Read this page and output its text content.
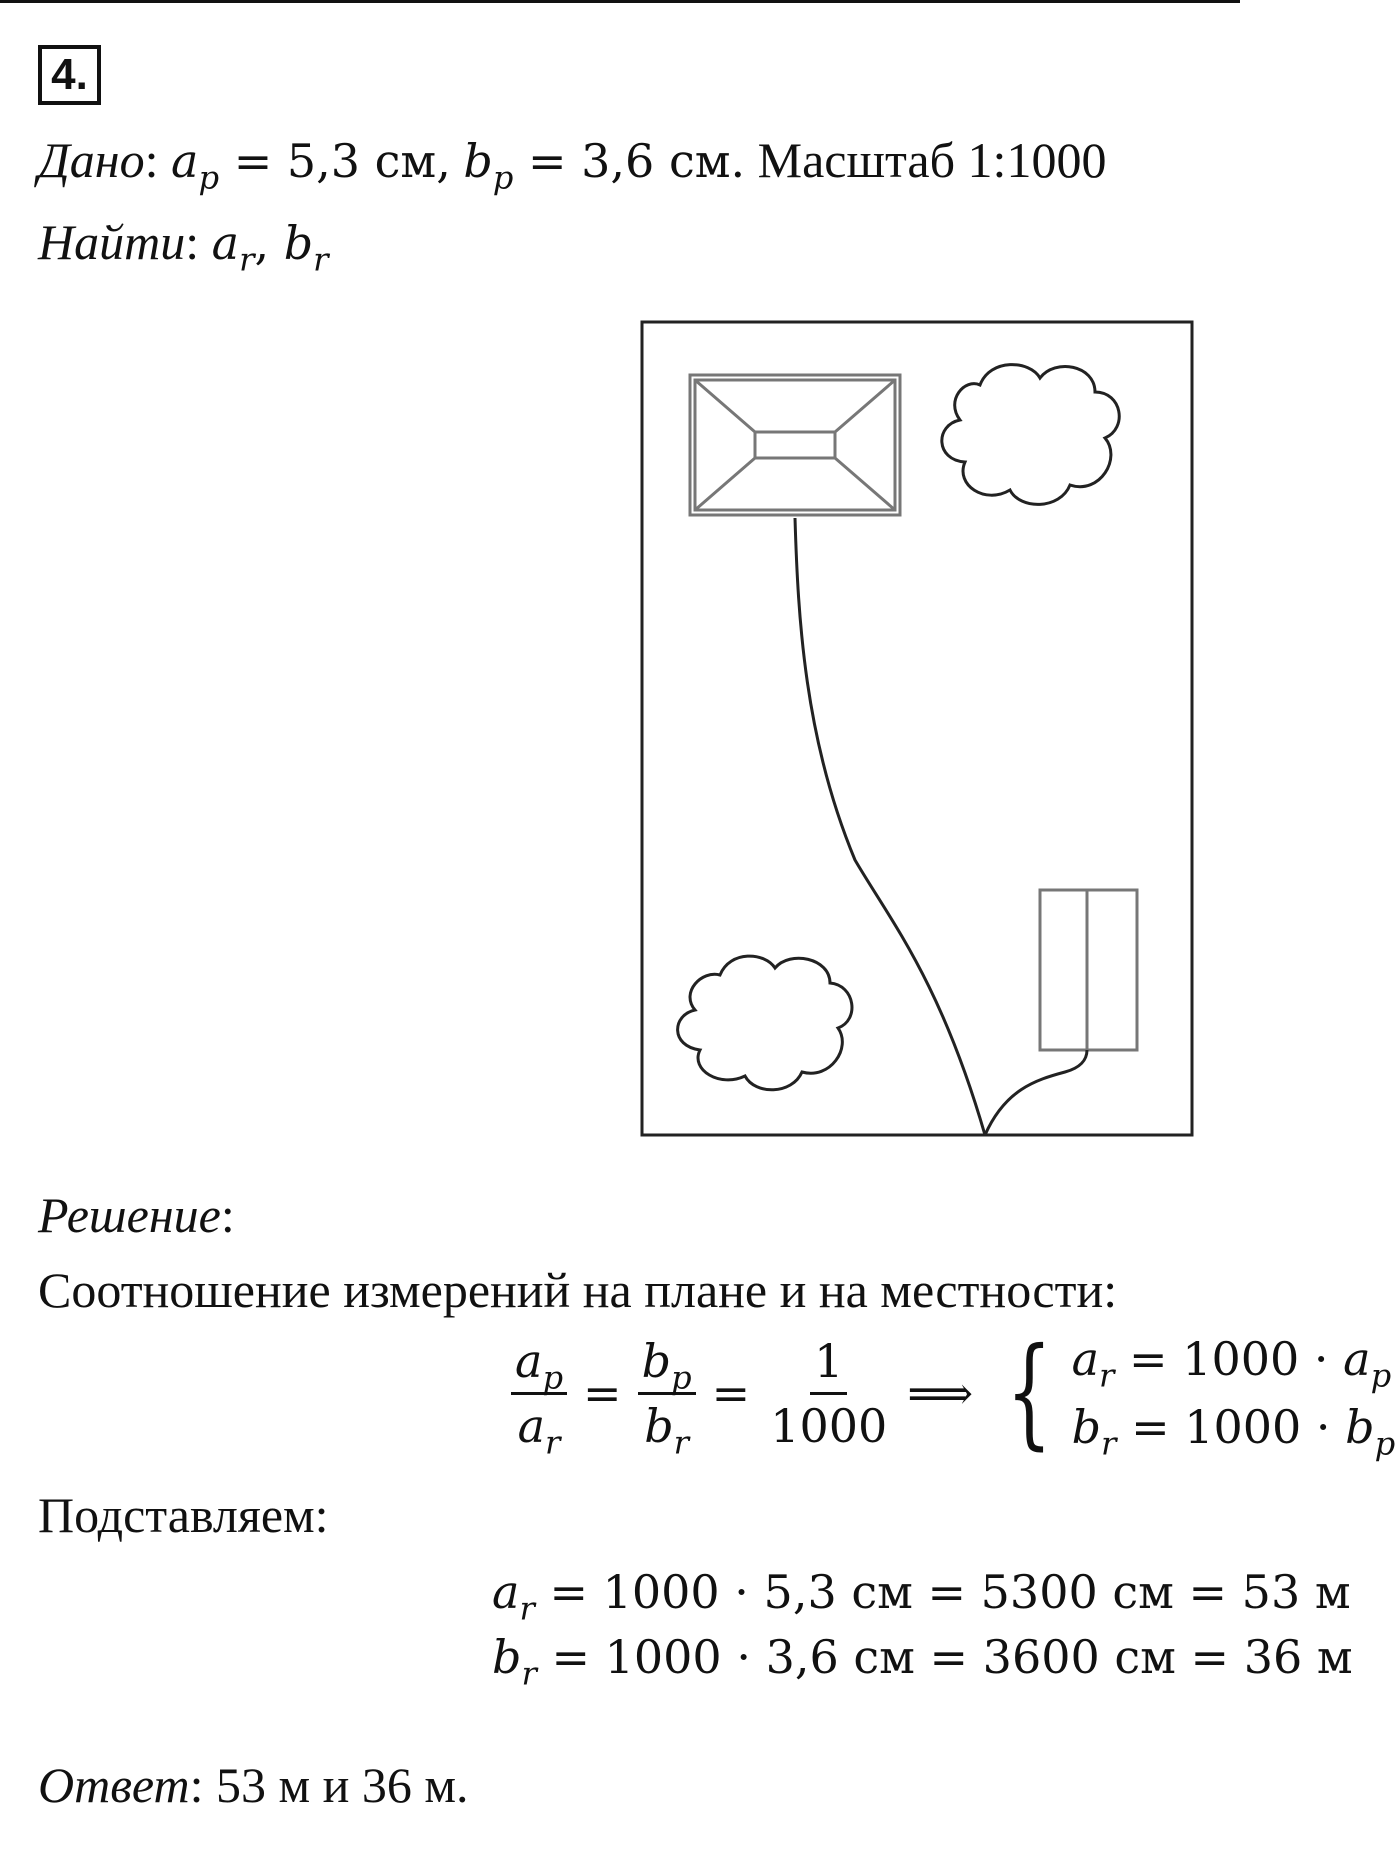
4.
Дано: $a_p = 5,3$ см, $b_p = 3,6$ см. Масштаб 1:1000
Найти: $a_r$, $b_r$
Решение:
Соотношение измерений на плане и на местности:
$\frac{a_p}{a_r} = \frac{b_p}{b_r} = \frac{1}{1000}$ ⟹ { $a_r = 1000 \cdot a_p$
$b_r = 1000 \cdot b_p$
Подставляем:
$a_r = 1000 \cdot 5,3$ см = 5300 см = 53 м
$b_r = 1000 \cdot 3,6$ см = 3600 см = 36 м
Ответ: 53 м и 36 м.
